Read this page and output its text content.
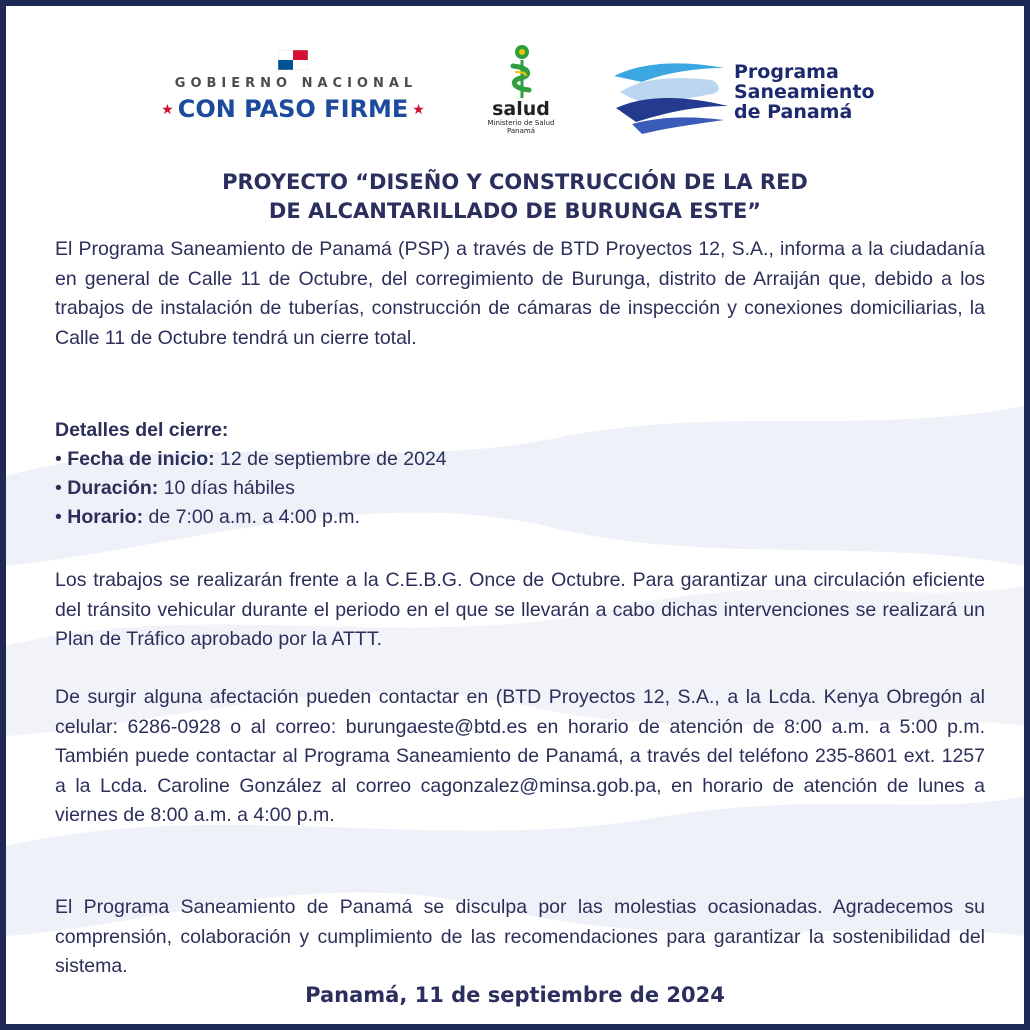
GOBIERNO NACIONAL
★ CON PASO FIRME ★	salud
Ministerio de Salud
Panamá
Programa
Saneamiento
de Panamá
PROYECTO “DISEÑO Y CONSTRUCCIÓN DE LA RED
DE ALCANTARILLADO DE BURUNGA ESTE”

El Programa Saneamiento de Panamá (PSP) a través de BTD Proyectos 12, S.A., informa a la ciudadanía en general de Calle 11 de Octubre, del corregimiento de Burunga, distrito de Arraiján que, debido a los trabajos de instalación de tuberías, construcción de cámaras de inspección y conexiones domiciliarias, la Calle 11 de Octubre tendrá un cierre total.

Detalles del cierre:
• Fecha de inicio: 12 de septiembre de 2024
• Duración: 10 días hábiles
• Horario: de 7:00 a.m. a 4:00 p.m.

Los trabajos se realizarán frente a la C.E.B.G. Once de Octubre. Para garantizar una circulación eficiente del tránsito vehicular durante el periodo en el que se llevarán a cabo dichas intervenciones se realizará un Plan de Tráfico aprobado por la ATTT.

De surgir alguna afectación pueden contactar en (BTD Proyectos 12, S.A., a la Lcda. Kenya Obregón al celular: 6286-0928 o al correo: burungaeste@btd.es en horario de atención de 8:00 a.m. a 5:00 p.m. También puede contactar al Programa Saneamiento de Panamá, a través del teléfono 235-8601 ext. 1257 a la Lcda. Caroline González al correo cagonzalez@minsa.gob.pa, en horario de atención de lunes a viernes de 8:00 a.m. a 4:00 p.m.

El Programa Saneamiento de Panamá se disculpa por las molestias ocasionadas. Agradecemos su comprensión, colaboración y cumplimiento de las recomendaciones para garantizar la sostenibilidad del sistema.

Panamá, 11 de septiembre de 2024
